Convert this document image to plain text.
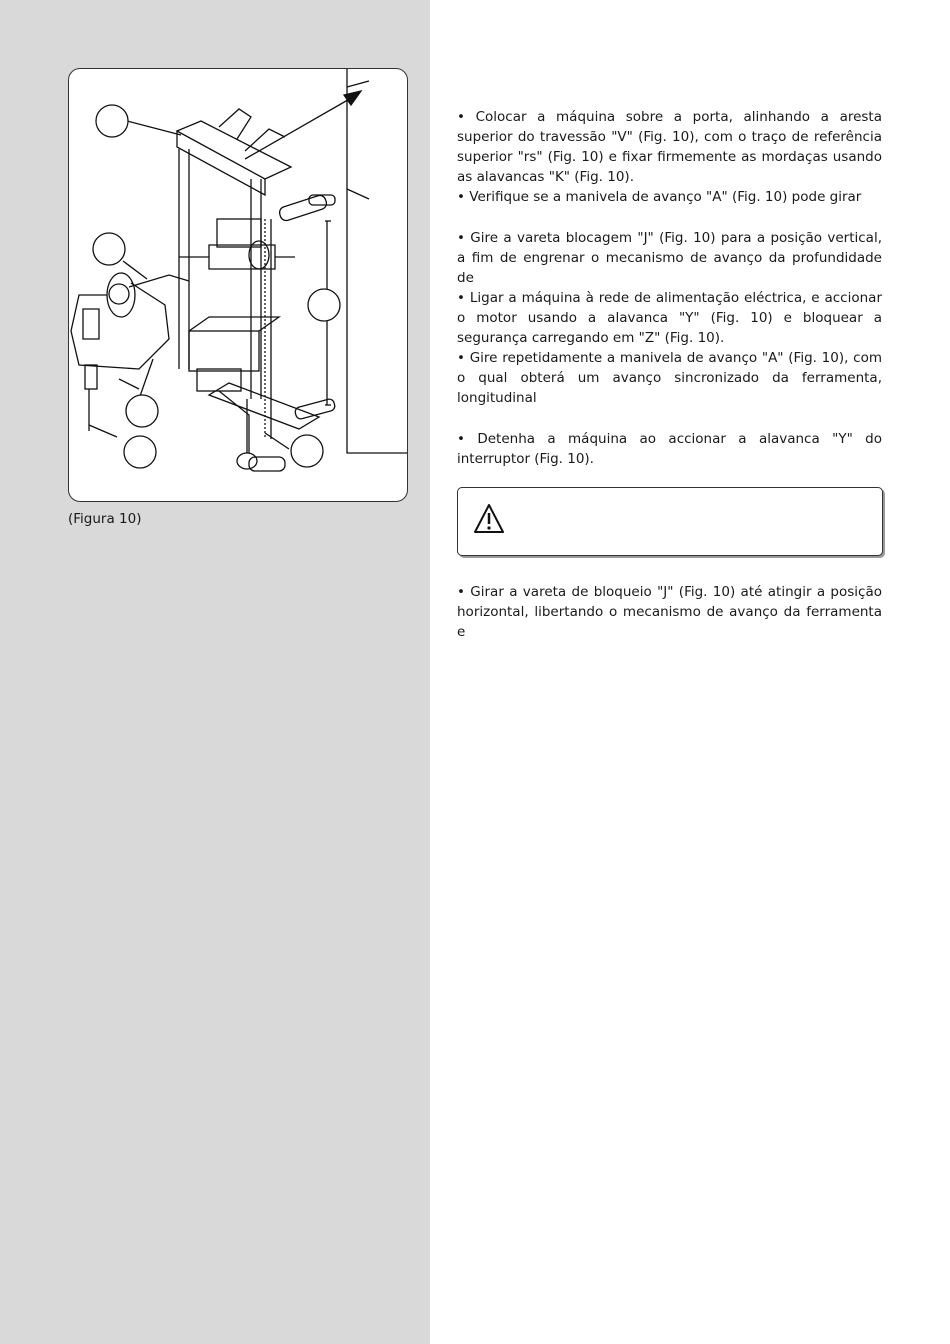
(Figura 10)

• Colocar a máquina sobre a porta, alinhando a aresta superior do travessão "V" (Fig. 10), com o traço de referência superior "rs" (Fig. 10) e fixar firmemente as mordaças usando as alavancas "K" (Fig. 10).

• Verifique se a manivela de avanço "A" (Fig. 10) pode girar

• Gire a vareta blocagem "J" (Fig. 10) para a posição vertical, a fim de engrenar o mecanismo de avanço da profundidade de

• Ligar a máquina à rede de alimentação eléctrica, e accionar o motor usando a alavanca "Y" (Fig. 10) e bloquear a segurança carregando em "Z" (Fig. 10).

• Gire repetidamente a manivela de avanço "A" (Fig. 10), com o qual obterá um avanço sincronizado da ferramenta, longitudinal

• Detenha a máquina ao accionar a alavanca "Y" do interruptor (Fig. 10).

• Girar a vareta de bloqueio "J" (Fig. 10) até atingir a posição horizontal, libertando o mecanismo de avanço da ferramenta e
